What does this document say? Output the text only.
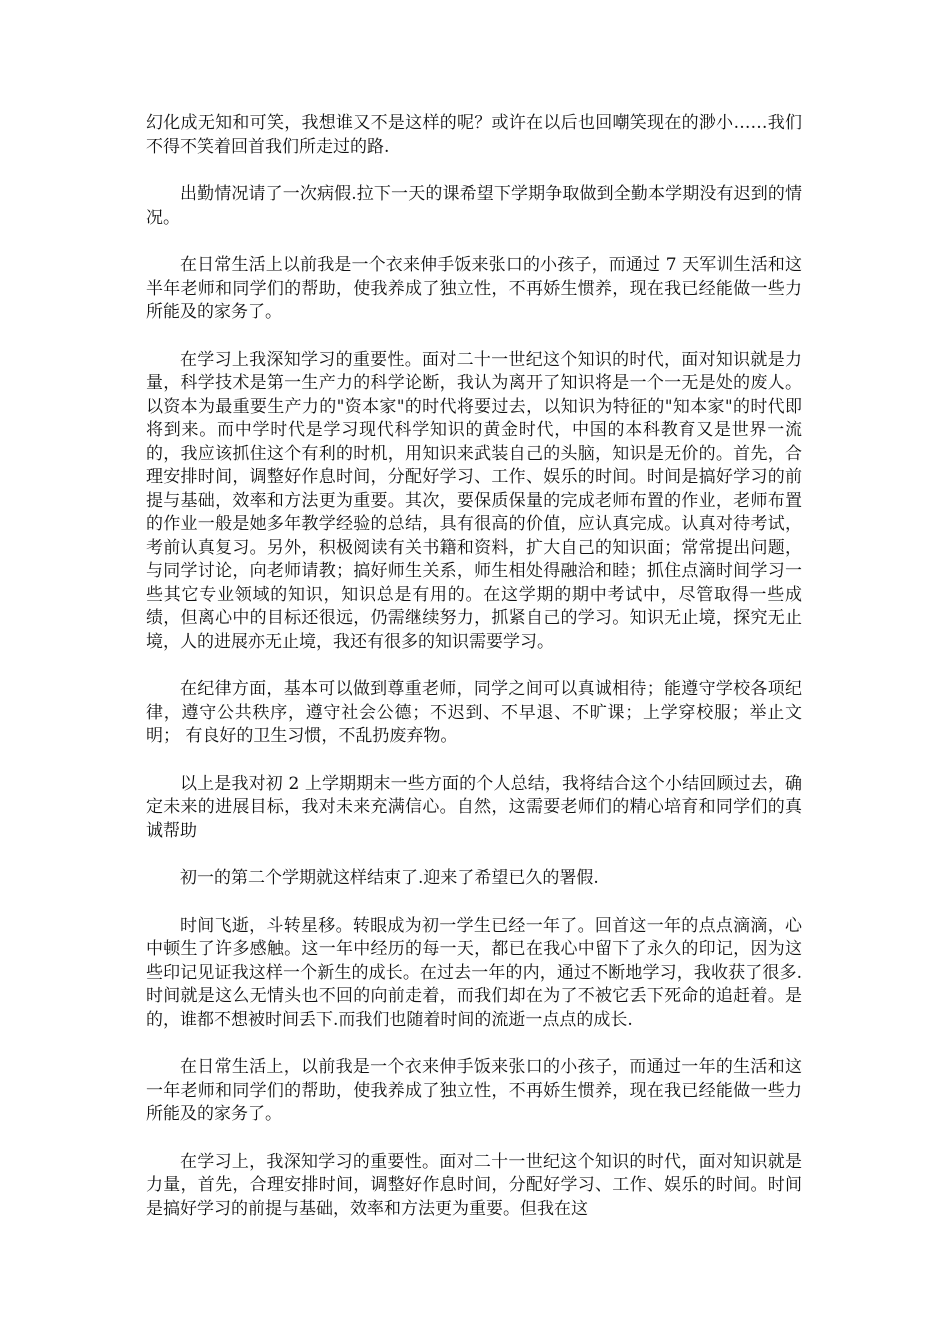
幻化成无知和可笑，我想谁又不是这样的呢？或许在以后也回嘲笑现在的渺小……我们不得不笑着回首我们所走过的路.

出勤情况请了一次病假.拉下一天的课希望下学期争取做到全勤本学期没有迟到的情况。

在日常生活上以前我是一个衣来伸手饭来张口的小孩子，而通过 7 天军训生活和这半年老师和同学们的帮助，使我养成了独立性，不再娇生惯养，现在我已经能做一些力所能及的家务了。

在学习上我深知学习的重要性。面对二十一世纪这个知识的时代，面对知识就是力量，科学技术是第一生产力的科学论断，我认为离开了知识将是一个一无是处的废人。以资本为最重要生产力的"资本家"的时代将要过去，以知识为特征的"知本家"的时代即将到来。而中学时代是学习现代科学知识的黄金时代，中国的本科教育又是世界一流的，我应该抓住这个有利的时机，用知识来武装自己的头脑，知识是无价的。首先，合理安排时间，调整好作息时间，分配好学习、工作、娱乐的时间。时间是搞好学习的前提与基础，效率和方法更为重要。其次，要保质保量的完成老师布置的作业，老师布置的作业一般是她多年教学经验的总结，具有很高的价值，应认真完成。认真对待考试，考前认真复习。另外，积极阅读有关书籍和资料，扩大自己的知识面；常常提出问题，与同学讨论，向老师请教；搞好师生关系，师生相处得融洽和睦；抓住点滴时间学习一些其它专业领域的知识，知识总是有用的。在这学期的期中考试中，尽管取得一些成绩，但离心中的目标还很远，仍需继续努力，抓紧自己的学习。知识无止境，探究无止境，人的进展亦无止境，我还有很多的知识需要学习。

在纪律方面，基本可以做到尊重老师，同学之间可以真诚相待；能遵守学校各项纪律，遵守公共秩序，遵守社会公德；不迟到、不早退、不旷课；上学穿校服；举止文明； 有良好的卫生习惯，不乱扔废弃物。

以上是我对初 2 上学期期末一些方面的个人总结，我将结合这个小结回顾过去，确定未来的进展目标，我对未来充满信心。自然，这需要老师们的精心培育和同学们的真诚帮助

初一的第二个学期就这样结束了.迎来了希望已久的署假.

时间飞逝，斗转星移。转眼成为初一学生已经一年了。回首这一年的点点滴滴，心中顿生了许多感触。这一年中经历的每一天，都已在我心中留下了永久的印记，因为这些印记见证我这样一个新生的成长。在过去一年的内，通过不断地学习，我收获了很多.时间就是这么无情头也不回的向前走着，而我们却在为了不被它丢下死命的追赶着。是的，谁都不想被时间丢下.而我们也随着时间的流逝一点点的成长.

在日常生活上，以前我是一个衣来伸手饭来张口的小孩子，而通过一年的生活和这一年老师和同学们的帮助，使我养成了独立性，不再娇生惯养，现在我已经能做一些力所能及的家务了。

在学习上，我深知学习的重要性。面对二十一世纪这个知识的时代，面对知识就是力量，首先，合理安排时间，调整好作息时间，分配好学习、工作、娱乐的时间。时间是搞好学习的前提与基础，效率和方法更为重要。但我在这
